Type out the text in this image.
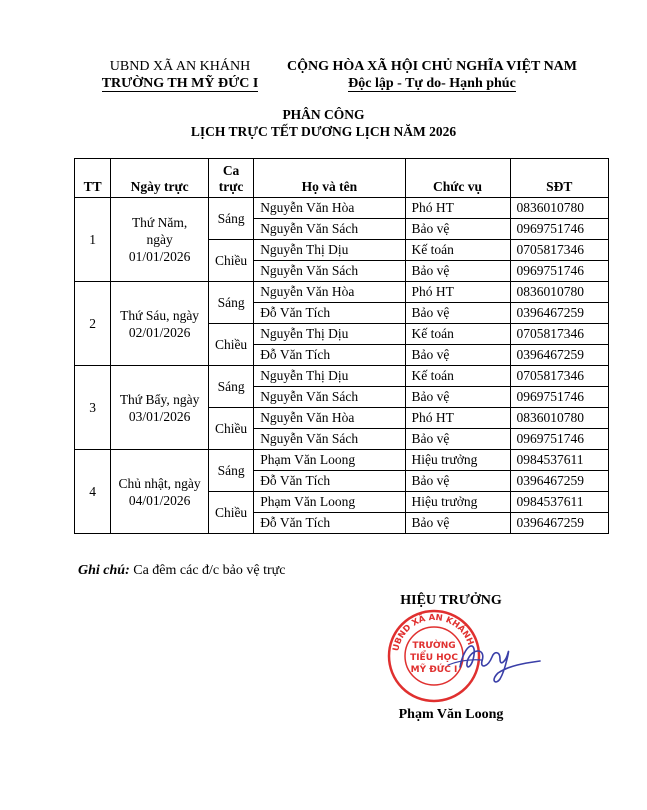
UBND XÃ AN KHÁNH
TRƯỜNG TH MỸ ĐỨC I
CỘNG HÒA XÃ HỘI CHỦ NGHĨA VIỆT NAM
Độc lập - Tự do- Hạnh phúc
PHÂN CÔNG
LỊCH TRỰC TẾT DƯƠNG LỊCH NĂM 2026
TT	Ngày trực	Ca trực	Họ và tên	Chức vụ	SĐT
1	Thứ Năm, ngày 01/01/2026	Sáng	Nguyễn Văn Hòa	Phó HT	0836010780
			Nguyễn Văn Sách	Bảo vệ	0969751746
		Chiều	Nguyễn Thị Dịu	Kế toán	0705817346
			Nguyễn Văn Sách	Bảo vệ	0969751746
2	Thứ Sáu, ngày 02/01/2026	Sáng	Nguyễn Văn Hòa	Phó HT	0836010780
			Đỗ Văn Tích	Bảo vệ	0396467259
		Chiều	Nguyễn Thị Dịu	Kế toán	0705817346
			Đỗ Văn Tích	Bảo vệ	0396467259
3	Thứ Bẩy, ngày 03/01/2026	Sáng	Nguyễn Thị Dịu	Kế toán	0705817346
			Nguyễn Văn Sách	Bảo vệ	0969751746
		Chiều	Nguyễn Văn Hòa	Phó HT	0836010780
			Nguyễn Văn Sách	Bảo vệ	0969751746
4	Chủ nhật, ngày 04/01/2026	Sáng	Phạm Văn Loong	Hiệu trưởng	0984537611
			Đỗ Văn Tích	Bảo vệ	0396467259
		Chiều	Phạm Văn Loong	Hiệu trưởng	0984537611
			Đỗ Văn Tích	Bảo vệ	0396467259
Ghi chú: Ca đêm các đ/c bảo vệ trực
HIỆU TRƯỞNG
UBND XÃ AN KHÁNH
TRƯỜNG
TIỂU HỌC
MỸ ĐỨC I
Phạm Văn Loong
